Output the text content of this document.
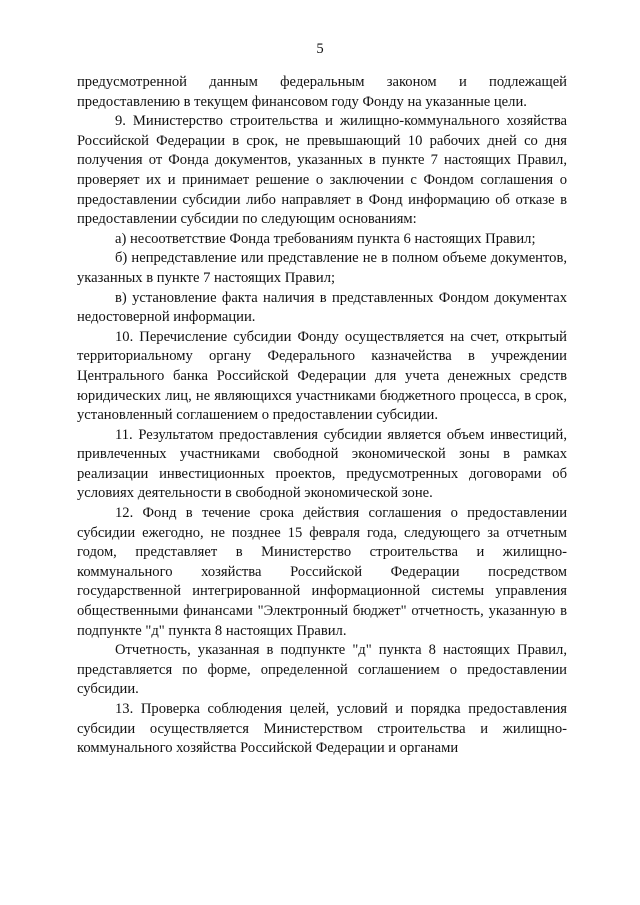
5

предусмотренной данным федеральным законом и подлежащей предоставлению в текущем финансовом году Фонду на указанные цели.

9. Министерство строительства и жилищно-коммунального хозяйства Российской Федерации в срок, не превышающий 10 рабочих дней со дня получения от Фонда документов, указанных в пункте 7 настоящих Правил, проверяет их и принимает решение о заключении с Фондом соглашения о предоставлении субсидии либо направляет в Фонд информацию об отказе в предоставлении субсидии по следующим основаниям:

а) несоответствие Фонда требованиям пункта 6 настоящих Правил;

б) непредставление или представление не в полном объеме документов, указанных в пункте 7 настоящих Правил;

в) установление факта наличия в представленных Фондом документах недостоверной информации.

10. Перечисление субсидии Фонду осуществляется на счет, открытый территориальному органу Федерального казначейства в учреждении Центрального банка Российской Федерации для учета денежных средств юридических лиц, не являющихся участниками бюджетного процесса, в срок, установленный соглашением о предоставлении субсидии.

11. Результатом предоставления субсидии является объем инвестиций, привлеченных участниками свободной экономической зоны в рамках реализации инвестиционных проектов, предусмотренных договорами об условиях деятельности в свободной экономической зоне.

12. Фонд в течение срока действия соглашения о предоставлении субсидии ежегодно, не позднее 15 февраля года, следующего за отчетным годом, представляет в Министерство строительства и жилищно-коммунального хозяйства Российской Федерации посредством государственной интегрированной информационной системы управления общественными финансами "Электронный бюджет" отчетность, указанную в подпункте "д" пункта 8 настоящих Правил.

Отчетность, указанная в подпункте "д" пункта 8 настоящих Правил, представляется по форме, определенной соглашением о предоставлении субсидии.

13. Проверка соблюдения целей, условий и порядка предоставления субсидии осуществляется Министерством строительства и жилищно-коммунального хозяйства Российской Федерации и органами
